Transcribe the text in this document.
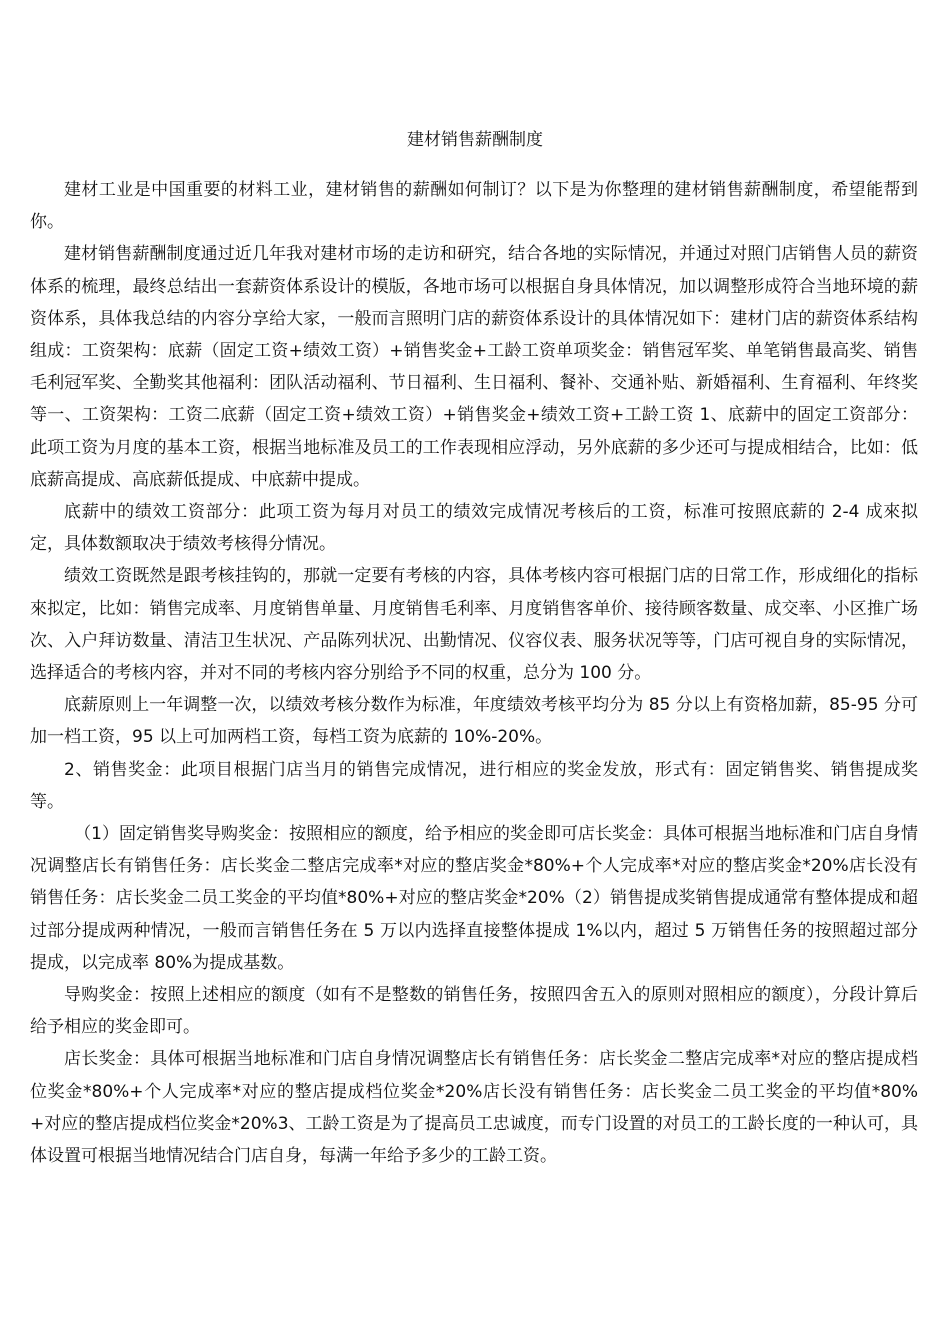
建材销售薪酬制度

建材工业是中国重要的材料工业，建材销售的薪酬如何制订？以下是为你整理的建材销售薪酬制度，希望能帮到你。

建材销售薪酬制度通过近几年我对建材市场的走访和研究，结合各地的实际情况，并通过对照门店销售人员的薪资体系的梳理，最终总结出一套薪资体系设计的模版，各地市场可以根据自身具体情况，加以调整形成符合当地环境的薪资体系，具体我总结的内容分享给大家，一般而言照明门店的薪资体系设计的具体情况如下：建材门店的薪资体系结构组成：工资架构：底薪（固定工资+绩效工资）+销售奖金+工龄工资单项奖金：销售冠军奖、单笔销售最高奖、销售毛利冠军奖、全勤奖其他福利：团队活动福利、节日福利、生日福利、餐补、交通补贴、新婚福利、生育福利、年终奖等一、工资架构：工资二底薪（固定工资+绩效工资）+销售奖金+绩效工资+工龄工资 1、底薪中的固定工资部分：此项工资为月度的基本工资，根据当地标准及员工的工作表现相应浮动，另外底薪的多少还可与提成相结合，比如：低底薪高提成、高底薪低提成、中底薪中提成。

底薪中的绩效工资部分：此项工资为每月对员工的绩效完成情况考核后的工资，标准可按照底薪的 2-4 成來拟定，具体数额取决于绩效考核得分情况。

绩效工资既然是跟考核挂钩的，那就一定要有考核的内容，具体考核内容可根据门店的日常工作，形成细化的指标來拟定，比如：销售完成率、月度销售单量、月度销售毛利率、月度销售客单价、接待顾客数量、成交率、小区推广场次、入户拜访数量、清洁卫生状况、产品陈列状况、出勤情况、仪容仪表、服务状况等等，门店可视自身的实际情况，选择适合的考核内容，并对不同的考核内容分别给予不同的权重，总分为 100 分。

底薪原则上一年调整一次，以绩效考核分数作为标准，年度绩效考核平均分为 85 分以上有资格加薪，85-95 分可加一档工资，95 以上可加两档工资，每档工资为底薪的 10%-20%。

2、销售奖金：此项目根据门店当月的销售完成情况，进行相应的奖金发放，形式有：固定销售奖、销售提成奖等。

（1）固定销售奖导购奖金：按照相应的额度，给予相应的奖金即可店长奖金：具体可根据当地标准和门店自身情况调整店长有销售任务：店长奖金二整店完成率*对应的整店奖金*80%+个人完成率*对应的整店奖金*20%店长没有销售任务：店长奖金二员工奖金的平均值*80%+对应的整店奖金*20%（2）销售提成奖销售提成通常有整体提成和超过部分提成两种情况，一般而言销售任务在 5 万以内选择直接整体提成 1%以内，超过 5 万销售任务的按照超过部分提成，以完成率 80%为提成基数。

导购奖金：按照上述相应的额度（如有不是整数的销售任务，按照四舍五入的原则对照相应的额度），分段计算后给予相应的奖金即可。

店长奖金：具体可根据当地标准和门店自身情况调整店长有销售任务：店长奖金二整店完成率*对应的整店提成档位奖金*80%+个人完成率*对应的整店提成档位奖金*20%店长没有销售任务：店长奖金二员工奖金的平均值*80%+对应的整店提成档位奖金*20%3、工龄工资是为了提高员工忠诚度，而专门设置的对员工的工龄长度的一种认可，具体设置可根据当地情况结合门店自身，每满一年给予多少的工龄工资。
